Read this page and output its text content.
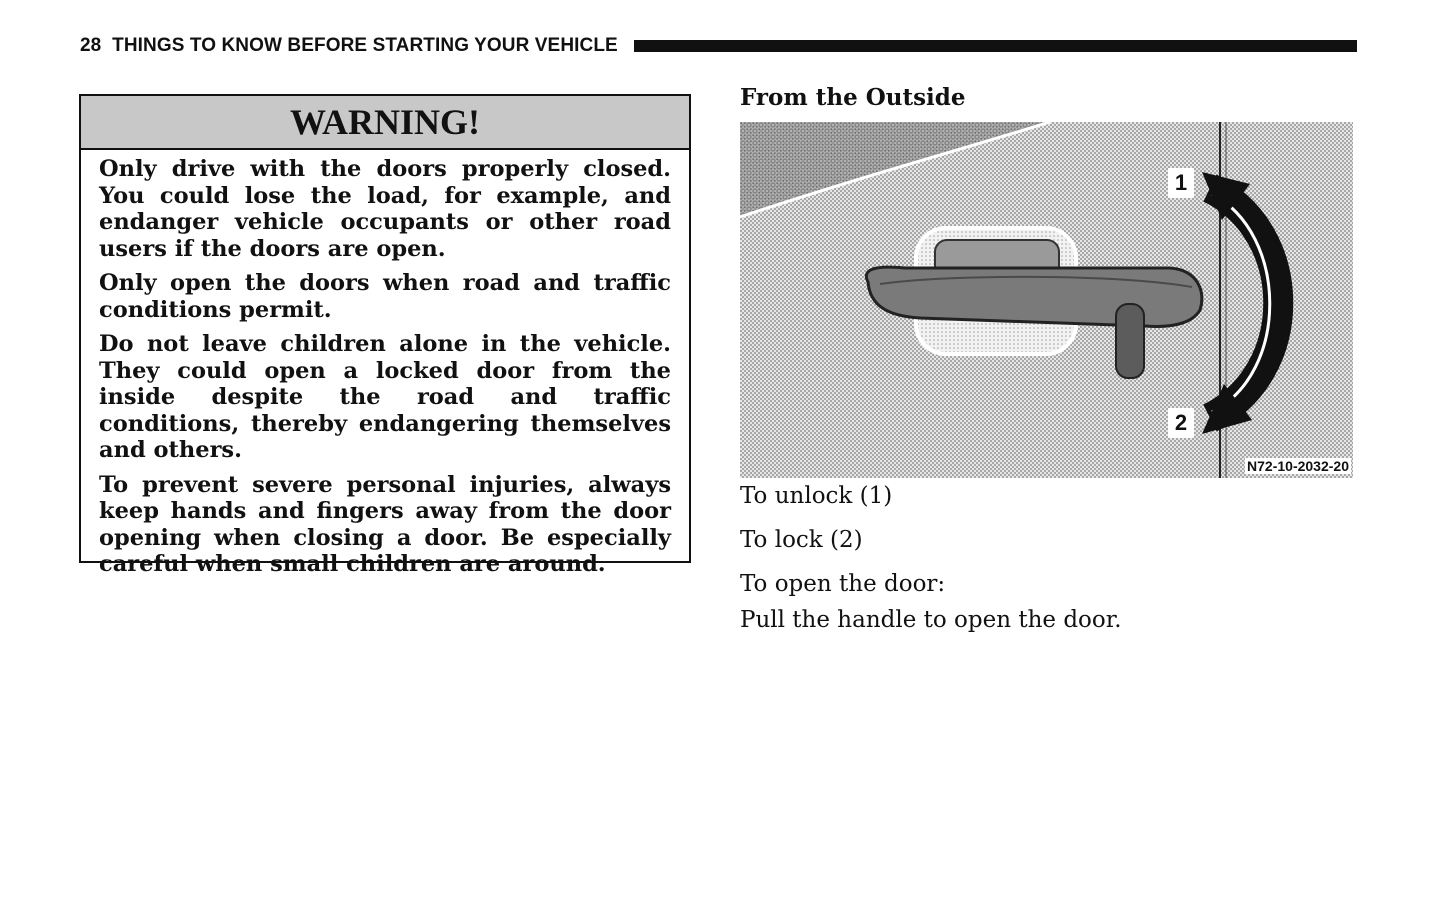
28 THINGS TO KNOW BEFORE STARTING YOUR VEHICLE
WARNING!

Only drive with the doors properly closed. You could lose the load, for example, and endanger vehicle occupants or other road users if the doors are open.

Only open the doors when road and traffic conditions permit.

Do not leave children alone in the vehicle. They could open a locked door from the inside despite the road and traffic conditions, thereby endangering themselves and others.

To prevent severe personal injuries, always keep hands and fingers away from the door opening when closing a door. Be especially careful when small children are around.

From the Outside
1
2
N72-10-2032-20

To unlock (1)

To lock (2)

To open the door:

Pull the handle to open the door.
